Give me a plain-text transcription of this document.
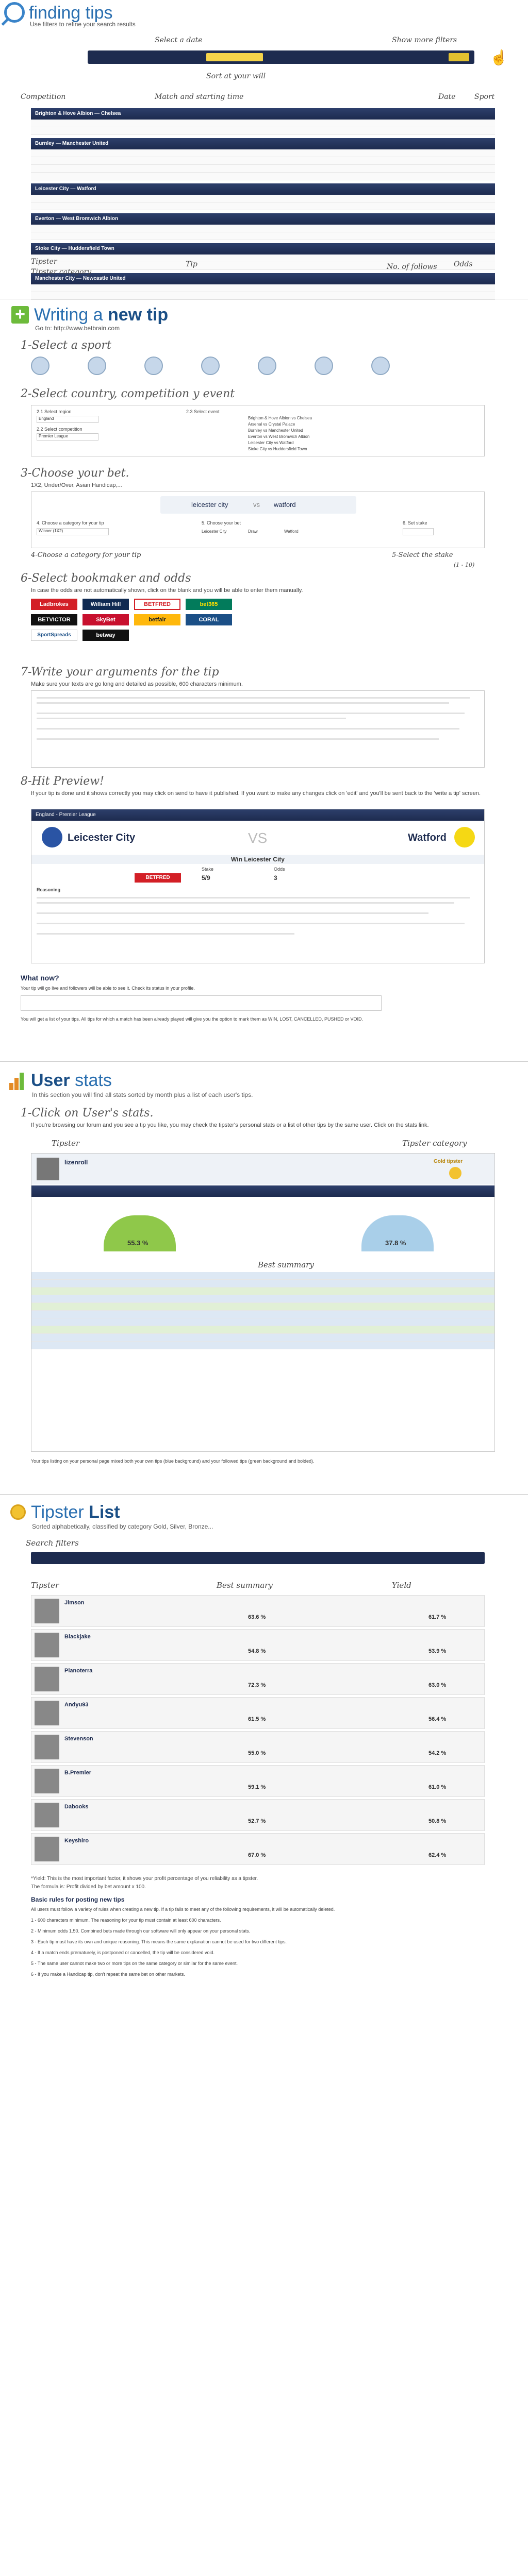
finding tips
Use filters to refine your search results
Select a date	Show more filters
Sort at your will
☝
Competition	Match and starting time	Date	Sport
Brighton & Hove Albion — Chelsea
Burnley — Manchester United
Leicester City — Watford
Everton — West Bromwich Albion
Stoke City — Huddersfield Town
Manchester City — Newcastle United
Tipster
Tipster category
Tip	No. of follows Odds
+ Writing a new tip
Go to: http://www.betbrain.com
1-Select a sport
2-Select country, competition y event
2.1 Select region
England
2.2 Select competition
Premier League
2.3 Select event
Brighton & Hove Albion vs Chelsea
Arsenal vs Crystal Palace
Burnley vs Manchester United
Everton vs West Bromwich Albion
Leicester City vs Watford
Stoke City vs Huddersfield Town
3-Choose your bet.
1X2, Under/Over, Asian Handicap,...
leicester city	vs watford
4. Choose a category for your tip
Winner (1X2)
5. Choose your bet
Leicester City	Draw	Watford
6. Set stake
4-Choose a category for your tip	5-Select the stake
(1 - 10)
6-Select bookmaker and odds
In case the odds are not automatically shown, click on the blank and you will be able to enter them manually.
Ladbrokes	William Hill	BETFRED	bet365
BETVICTOR	SkyBet	betfair	CORAL
SportSpreads	betway
7-Write your arguments for the tip
Make sure your texts are go long and detailed as possible, 600 characters minimum.
8-Hit Preview!
If your tip is done and it shows correctly you may click on send to have it published. If you want to make any changes click on 'edit' and you'll be sent back to the 'write a tip' screen.
England - Premier League
Leicester City	VS	Watford
Win Leicester City
Stake	Odds
BETFRED	5/9	3
Reasoning
What now?
Your tip will go live and followers will be able to see it. Check its status in your profile.
You will get a list of your tips. All tips for which a match has been already played will give you the option to mark them as WIN, LOST, CANCELLED, PUSHED or VOID.
User stats
In this section you will find all stats sorted by month plus a list of each user's tips.
1-Click on User's stats.
If you're browsing our forum and you see a tip you like, you may check the tipster's personal stats or a list of other tips by the same user. Click on the stats link.
Tipster	Tipster category
lizenroll	Gold tipster
55.3 %	37.8 %
Best summary
Your tips listing on your personal page mixed both your own tips (blue background) and your followed tips (green background and bolded).
Tipster List
Sorted alphabetically, classified by category Gold, Silver, Bronze...
Search filters
Tipster	Best summary	Yield
Jimson
63.6 %	61.7 %
Blackjake
54.8 %	53.9 %
Pianoterra
72.3 %	63.0 %
Andyu93
61.5 %	56.4 %
Stevenson
55.0 %	54.2 %
B.Premier
59.1 %	61.0 %
Dabooks
52.7 %	50.8 %
Keyshiro
67.0 %	62.4 %
*Yield: This is the most important factor, it shows your profit percentage of you reliability as a tipster.
The formula is: Profit divided by bet amount x 100.
Basic rules for posting new tips

All users must follow a variety of rules when creating a new tip. If a tip fails to meet any of the following requirements, it will be automatically deleted.

1 - 600 characters minimum. The reasoning for your tip must contain at least 600 characters.

2 - Minimum odds 1.50. Combined bets made through our software will only appear on your personal stats.

3 - Each tip must have its own and unique reasoning. This means the same explanation cannot be used for two different tips.

4 - If a match ends prematurely, is postponed or cancelled, the tip will be considered void.

5 - The same user cannot make two or more tips on the same category or similar for the same event.

6 - If you make a Handicap tip, don't repeat the same bet on other markets.
